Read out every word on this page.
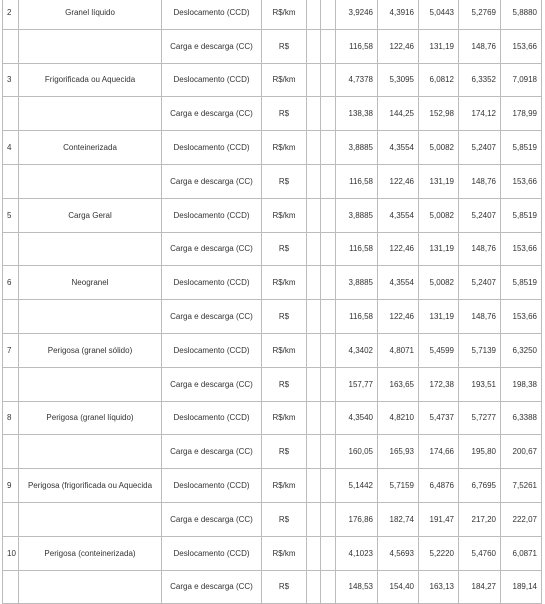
2	Granel líquido	Deslocamento (CCD)	R$/km			3,9246	4,3916	5,0443	5,2769	5,8880
		Carga e descarga (CC)	R$			116,58	122,46	131,19	148,76	153,66
3	Frigorificada ou Aquecida	Deslocamento (CCD)	R$/km			4,7378	5,3095	6,0812	6,3352	7,0918
		Carga e descarga (CC)	R$			138,38	144,25	152,98	174,12	178,99
4	Conteinerizada	Deslocamento (CCD)	R$/km			3,8885	4,3554	5,0082	5,2407	5,8519
		Carga e descarga (CC)	R$			116,58	122,46	131,19	148,76	153,66
5	Carga Geral	Deslocamento (CCD)	R$/km			3,8885	4,3554	5,0082	5,2407	5,8519
		Carga e descarga (CC)	R$			116,58	122,46	131,19	148,76	153,66
6	Neogranel	Deslocamento (CCD)	R$/km			3,8885	4,3554	5,0082	5,2407	5,8519
		Carga e descarga (CC)	R$			116,58	122,46	131,19	148,76	153,66
7	Perigosa (granel sólido)	Deslocamento (CCD)	R$/km			4,3402	4,8071	5,4599	5,7139	6,3250
		Carga e descarga (CC)	R$			157,77	163,65	172,38	193,51	198,38
8	Perigosa (granel líquido)	Deslocamento (CCD)	R$/km			4,3540	4,8210	5,4737	5,7277	6,3388
		Carga e descarga (CC)	R$			160,05	165,93	174,66	195,80	200,67
9	Perigosa (frigorificada ou Aquecida	Deslocamento (CCD)	R$/km			5,1442	5,7159	6,4876	6,7695	7,5261
		Carga e descarga (CC)	R$			176,86	182,74	191,47	217,20	222,07
10	Perigosa (conteinerizada)	Deslocamento (CCD)	R$/km			4,1023	4,5693	5,2220	5,4760	6,0871
		Carga e descarga (CC)	R$			148,53	154,40	163,13	184,27	189,14
